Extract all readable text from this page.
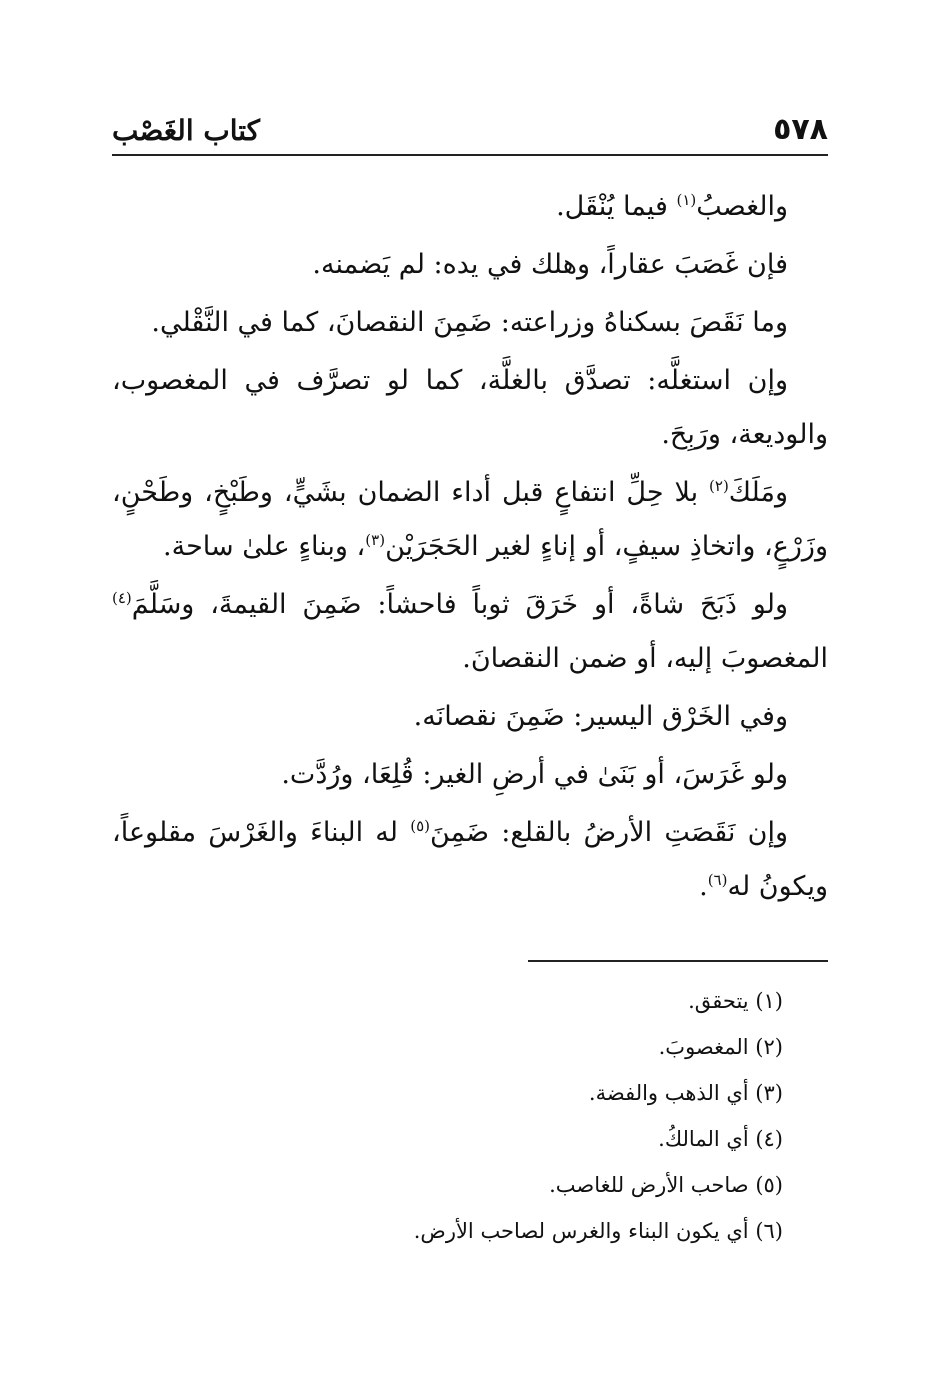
٥٧٨
كتاب الغَصْب

والغصبُ$^{(١)}$ فيما يُنْقَل.

فإن غَصَبَ عقاراً، وهلك في يده: لم يَضمنه.

وما نَقَصَ بسكناهُ وزراعته: ضَمِنَ النقصانَ، كما في النَّقْلي.

وإن استغلَّه: تصدَّق بالغلَّة، كما لو تصرَّف في المغصوب، والوديعة، ورَبِحَ.

ومَلَكَ$^{(٢)}$ بلا حِلِّ انتفاعٍ قبل أداء الضمان بشَيٍّ، وطَبْخٍ، وطَحْنٍ، وزَرْعٍ، واتخاذِ سيفٍ، أو إناءٍ لغير الحَجَرَيْن$^{(٣)}$، وبناءٍ علىٰ ساحة.

ولو ذَبَحَ شاةً، أو خَرَقَ ثوباً فاحشاً: ضَمِنَ القيمةَ، وسَلَّمَ$^{(٤)}$ المغصوبَ إليه، أو ضمن النقصانَ.

وفي الخَرْق اليسير: ضَمِنَ نقصانَه.

ولو غَرَسَ، أو بَنَىٰ في أرضِ الغير: قُلِعَا، ورُدَّت.

وإن نَقَصَتِ الأرضُ بالقلع: ضَمِنَ$^{(٥)}$ له البناءَ والغَرْسَ مقلوعاً، ويكونُ له$^{(٦)}$.

(١) يتحقق.
(٢) المغصوبَ.
(٣) أي الذهب والفضة.
(٤) أي المالكُ.
(٥) صاحب الأرض للغاصب.
(٦) أي يكون البناء والغرس لصاحب الأرض.
